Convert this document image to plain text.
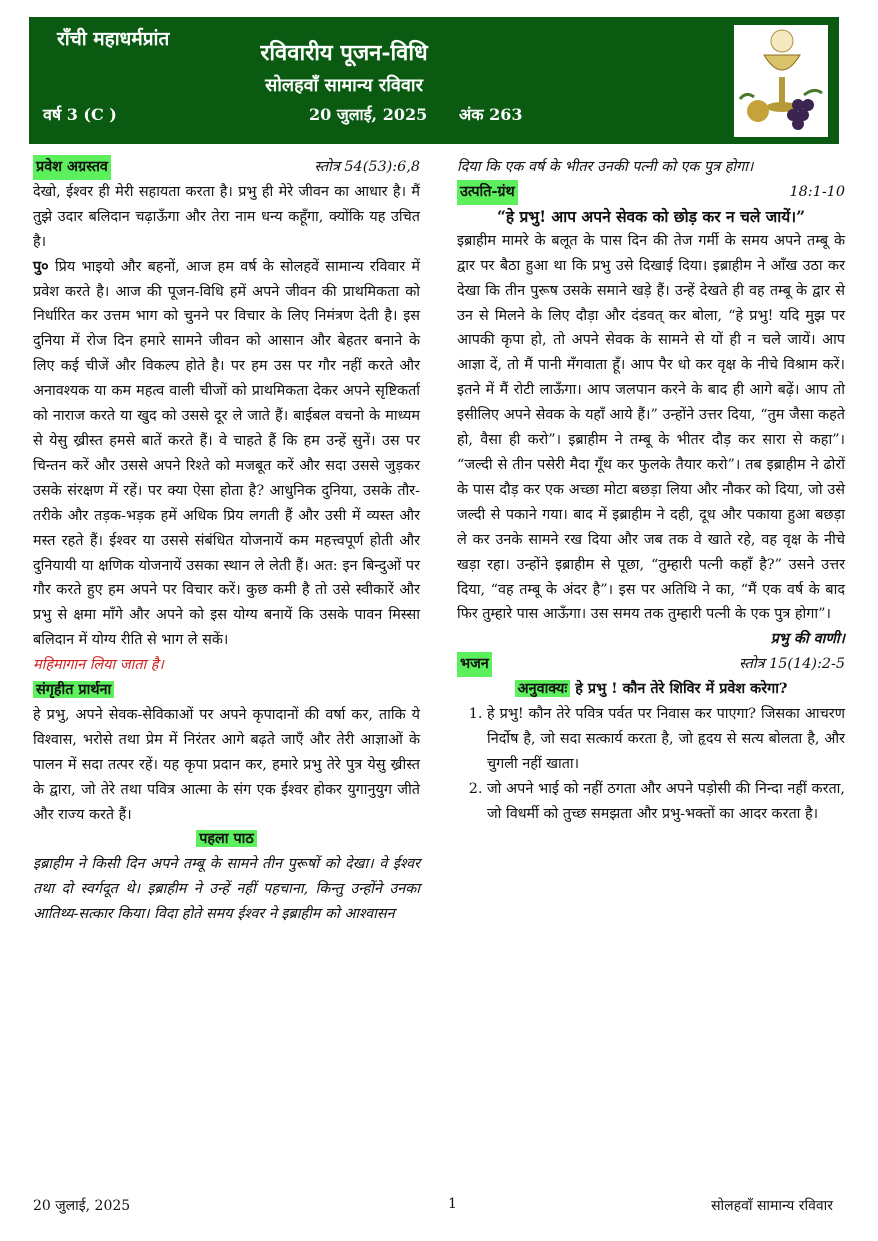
राँची महाधर्मप्रांत
रविवारीय पूजन-विधि
सोलहवाँ सामान्य रविवार
वर्ष 3 (C )	20 जुलाई, 2025 अंक 263
प्रवेश अग्रस्तव	स्तोत्र 54(53):6,8

देखो, ईश्वर ही मेरी सहायता करता है। प्रभु ही मेरे जीवन का आधार है। मैं तुझे उदार बलिदान चढ़ाऊँगा और तेरा नाम धन्य कहूँगा, क्योंकि यह उचित है।

पु० प्रिय भाइयो और बहनों, आज हम वर्ष के सोलहवें सामान्य रविवार में प्रवेश करते है। आज की पूजन-विधि हमें अपने जीवन की प्राथमिकता को निर्धारित कर उत्तम भाग को चुनने पर विचार के लिए निमंत्रण देती है। इस दुनिया में रोज दिन हमारे सामने जीवन को आसान और बेहतर बनाने के लिए कई चीजें और विकल्प होते है। पर हम उस पर गौर नहीं करते और अनावश्यक या कम महत्व वाली चीजों को प्राथमिकता देकर अपने सृष्टिकर्ता को नाराज करते या खुद को उससे दूर ले जाते हैं। बाईबल वचनो के माध्यम से येसु ख्रीस्त हमसे बातें करते हैं। वे चाहते हैं कि हम उन्हें सुनें। उस पर चिन्तन करें और उससे अपने रिश्ते को मजबूत करें और सदा उससे जुड़कर उसके संरक्षण में रहें। पर क्या ऐसा होता है? आधुनिक दुनिया, उसके तौर-तरीके और तड़क-भड़क हमें अधिक प्रिय लगती हैं और उसी में व्यस्त और मस्त रहते हैं। ईश्वर या उससे संबंधित योजनायें कम महत्त्वपूर्ण होती और दुनियायी या क्षणिक योजनायें उसका स्थान ले लेती हैं। अत: इन बिन्दुओं पर गौर करते हुए हम अपने पर विचार करें। कुछ कमी है तो उसे स्वीकारें और प्रभु से क्षमा माँगे और अपने को इस योग्य बनायें कि उसके पावन मिस्सा बलिदान में योग्य रीति से भाग ले सकें।

महिमागान लिया जाता है।

संगृहीत प्रार्थना

हे प्रभु, अपने सेवक-सेविकाओं पर अपने कृपादानों की वर्षा कर, ताकि ये विश्वास, भरोसे तथा प्रेम में निरंतर आगे बढ़ते जाएँ और तेरी आज्ञाओं के पालन में सदा तत्पर रहें। यह कृपा प्रदान कर, हमारे प्रभु तेरे पुत्र येसु ख्रीस्त के द्वारा, जो तेरे तथा पवित्र आत्मा के संग एक ईश्वर होकर युगानुयुग जीते और राज्य करते हैं।

पहला पाठ

इब्राहीम ने किसी दिन अपने तम्बू के सामने तीन पुरूषों को देखा। वे ईश्वर तथा दो स्वर्गदूत थे। इब्राहीम ने उन्हें नहीं पहचाना, किन्तु उन्होंने उनका आतिथ्य-सत्कार किया। विदा होते समय ईश्वर ने इब्राहीम को आश्वासन

दिया कि एक वर्ष के भीतर उनकी पत्नी को एक पुत्र होगा।

उत्पति-ग्रंथ	18:1-10
“हे प्रभु! आप अपने सेवक को छोड़ कर न चले जायें।”

इब्राहीम मामरे के बलूत के पास दिन की तेज गर्मी के समय अपने तम्बू के द्वार पर बैठा हुआ था कि प्रभु उसे दिखाई दिया। इब्राहीम ने आँख उठा कर देखा कि तीन पुरूष उसके समाने खड़े हैं। उन्हें देखते ही वह तम्बू के द्वार से उन से मिलने के लिए दौड़ा और दंडवत् कर बोला, “हे प्रभु! यदि मुझ पर आपकी कृपा हो, तो अपने सेवक के सामने से यों ही न चले जायें। आप आज्ञा दें, तो मैं पानी मँगवाता हूँ। आप पैर धो कर वृक्ष के नीचे विश्राम करें। इतने में मैं रोटी लाऊँगा। आप जलपान करने के बाद ही आगे बढ़ें। आप तो इसीलिए अपने सेवक के यहाँ आये हैं।” उन्होंने उत्तर दिया, “तुम जैसा कहते हो, वैसा ही करो”। इब्राहीम ने तम्बू के भीतर दौड़ कर सारा से कहा”। “जल्दी से तीन पसेरी मैदा गूँथ कर फुलके तैयार करो”। तब इब्राहीम ने ढोरों के पास दौड़ कर एक अच्छा मोटा बछड़ा लिया और नौकर को दिया, जो उसे जल्दी से पकाने गया। बाद में इब्राहीम ने दही, दूध और पकाया हुआ बछड़ा ले कर उनके सामने रख दिया और जब तक वे खाते रहे, वह वृक्ष के नीचे खड़ा रहा। उन्होंने इब्राहीम से पूछा, “तुम्हारी पत्नी कहाँ है?” उसने उत्तर दिया, “वह तम्बू के अंदर है”। इस पर अतिथि ने का, “मैं एक वर्ष के बाद फिर तुम्हारे पास आऊँगा। उस समय तक तुम्हारी पत्नी के एक पुत्र होगा”।

प्रभु की वाणी।
भजन	स्तोत्र 15(14):2-5
अनुवाक्यः हे प्रभु ! कौन तेरे शिविर में प्रवेश करेगा?
1. हे प्रभु! कौन तेरे पवित्र पर्वत पर निवास कर पाएगा? जिसका आचरण निर्दोष है, जो सदा सत्कार्य करता है, जो हृदय से सत्य बोलता है, और चुगली नहीं खाता।
2. जो अपने भाई को नहीं ठगता और अपने पड़ोसी की निन्दा नहीं करता, जो विधर्मी को तुच्छ समझता और प्रभु-भक्तों का आदर करता है।
20 जुलाई, 2025	1	सोलहवाँ सामान्य रविवार
